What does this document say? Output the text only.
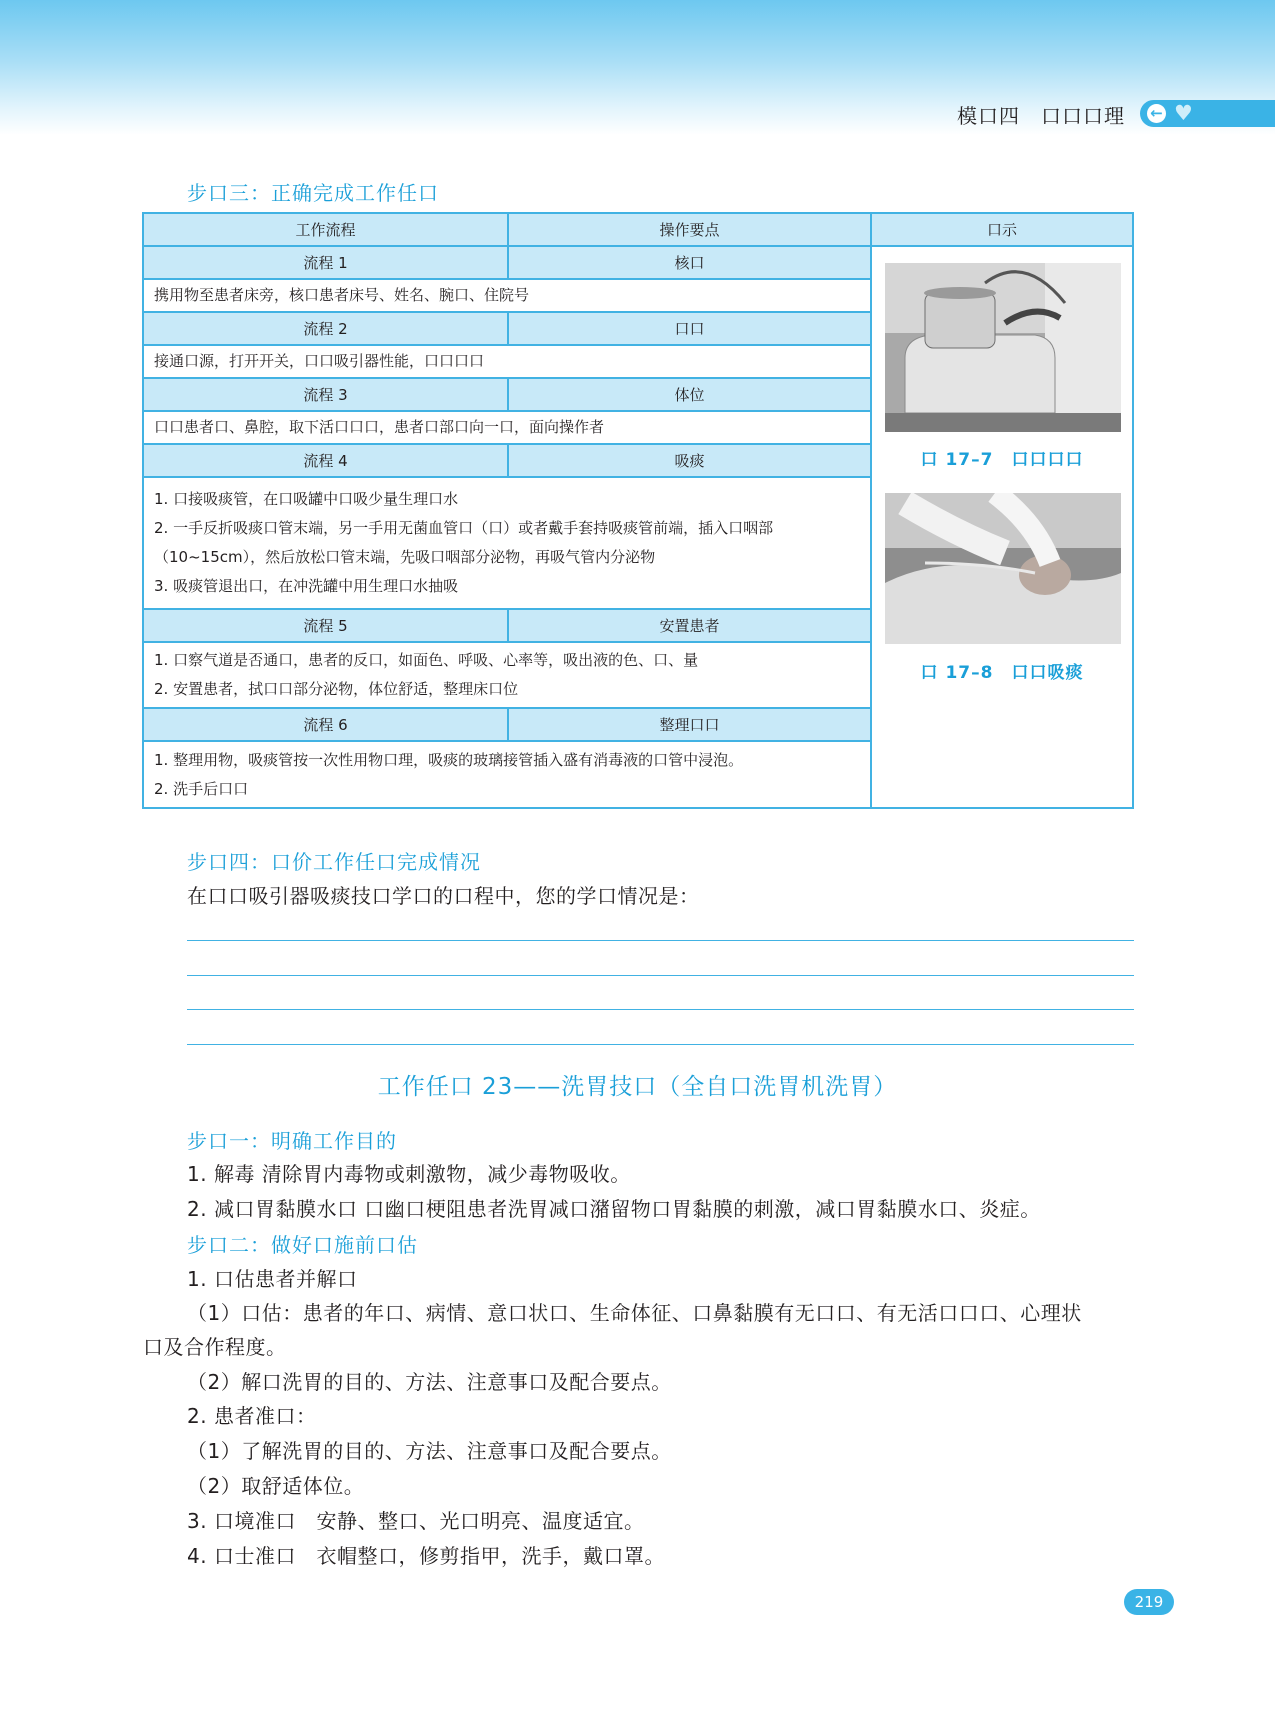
模口四　口口口理 ← ♥
步口三：正确完成工作任口
工作流程	操作要点	口示
流程 1	核口
携用物至患者床旁，核口患者床号、姓名、腕口、住院号
流程 2	口口
接通口源，打开开关，口口吸引器性能，口口口口
流程 3	体位
口口患者口、鼻腔，取下活口口口，患者口部口向一口，面向操作者
流程 4	吸痰
1. 口接吸痰管，在口吸罐中口吸少量生理口水
2. 一手反折吸痰口管末端，另一手用无菌血管口（口）或者戴手套持吸痰管前端，插入口咽部
（10~15cm），然后放松口管末端，先吸口咽部分泌物，再吸气管内分泌物
3. 吸痰管退出口，在冲洗罐中用生理口水抽吸
流程 5	安置患者
1. 口察气道是否通口，患者的反口，如面色、呼吸、心率等，吸出液的色、口、量
2. 安置患者，拭口口部分泌物，体位舒适，整理床口位
流程 6	整理口口
1. 整理用物，吸痰管按一次性用物口理，吸痰的玻璃接管插入盛有消毒液的口管中浸泡。
2. 洗手后口口
口 17–7　口口口口
口 17–8　口口吸痰
步口四：口价工作任口完成情况
在口口吸引器吸痰技口学口的口程中，您的学口情况是：
工作任口 23——洗胃技口（全自口洗胃机洗胃）
步口一：明确工作目的
1. 解毒 清除胃内毒物或刺激物，减少毒物吸收。
2. 减口胃黏膜水口 口幽口梗阻患者洗胃减口潴留物口胃黏膜的刺激，减口胃黏膜水口、炎症。
步口二：做好口施前口估
1. 口估患者并解口
（1）口估：患者的年口、病情、意口状口、生命体征、口鼻黏膜有无口口、有无活口口口、心理状
口及合作程度。
（2）解口洗胃的目的、方法、注意事口及配合要点。
2. 患者准口：
（1）了解洗胃的目的、方法、注意事口及配合要点。
（2）取舒适体位。
3. 口境准口　安静、整口、光口明亮、温度适宜。
4. 口士准口　衣帽整口，修剪指甲，洗手，戴口罩。
219
